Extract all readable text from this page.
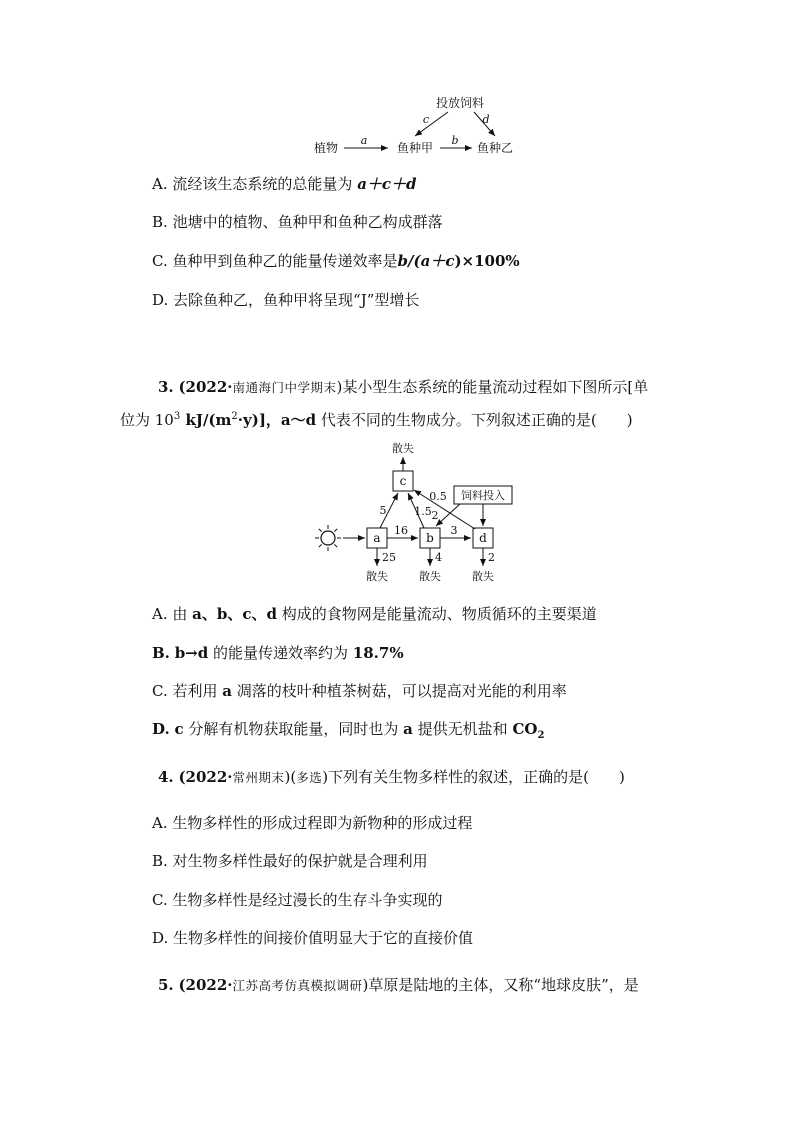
投放饲料
植物	鱼种甲	鱼种乙
a	b
c	d
A. 流经该生态系统的总能量为 a＋c＋d
B. 池塘中的植物、鱼种甲和鱼种乙构成群落
C. 鱼种甲到鱼种乙的能量传递效率是b/(a＋c)×100%
D. 去除鱼种乙，鱼种甲将呈现“J”型增长
3. (2022·南通海门中学期末)某小型生态系统的能量流动过程如下图所示[单
位为 $10^3$ $kJ/(m^2\cdot y)$]，a～d 代表不同的生物成分。下列叙述正确的是(　　)
a	b	d
c
饲料投入
散失
16	3
5	1.5
0.5
2
25
散失
4
散失
2
散失
A. 由 a、b、c、d 构成的食物网是能量流动、物质循环的主要渠道
B. b→d 的能量传递效率约为 18.7%
C. 若利用 a 凋落的枝叶种植茶树菇，可以提高对光能的利用率
D. c 分解有机物获取能量，同时也为 a 提供无机盐和 $CO_2$
4. (2022·常州期末)(多选)下列有关生物多样性的叙述，正确的是(　　)
A. 生物多样性的形成过程即为新物种的形成过程
B. 对生物多样性最好的保护就是合理利用
C. 生物多样性是经过漫长的生存斗争实现的
D. 生物多样性的间接价值明显大于它的直接价值
5. (2022·江苏高考仿真模拟调研)草原是陆地的主体，又称“地球皮肤”，是
